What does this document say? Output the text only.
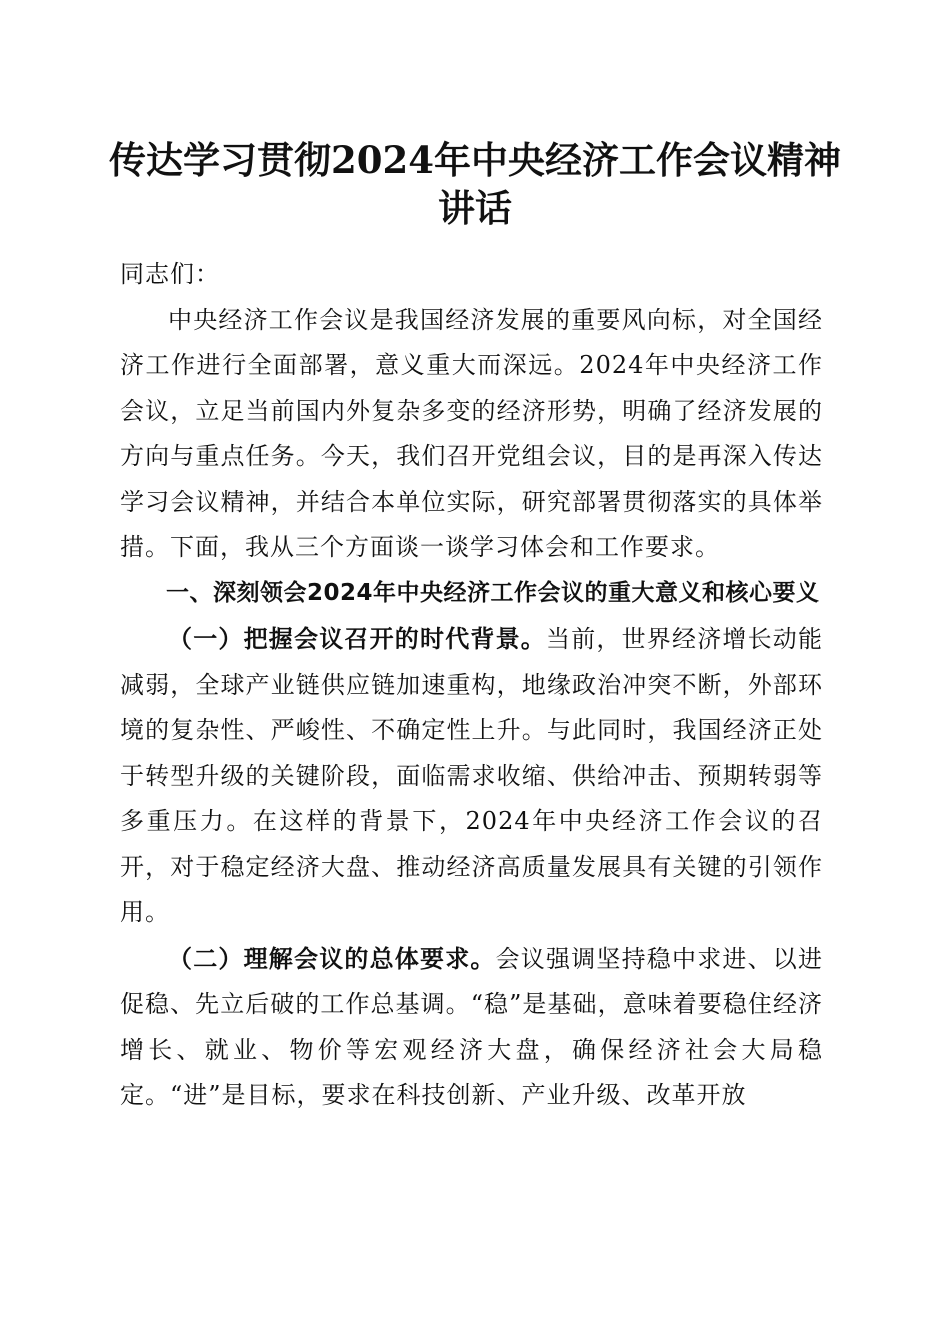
传达学习贯彻2024年中央经济工作会议精神讲话

同志们：

中央经济工作会议是我国经济发展的重要风向标，对全国经济工作进行全面部署，意义重大而深远。2024年中央经济工作会议，立足当前国内外复杂多变的经济形势，明确了经济发展的方向与重点任务。今天，我们召开党组会议，目的是再深入传达学习会议精神，并结合本单位实际，研究部署贯彻落实的具体举措。下面，我从三个方面谈一谈学习体会和工作要求。

一、深刻领会2024年中央经济工作会议的重大意义和核心要义

（一）把握会议召开的时代背景。当前，世界经济增长动能减弱，全球产业链供应链加速重构，地缘政治冲突不断，外部环境的复杂性、严峻性、不确定性上升。与此同时，我国经济正处于转型升级的关键阶段，面临需求收缩、供给冲击、预期转弱等多重压力。在这样的背景下，2024年中央经济工作会议的召开，对于稳定经济大盘、推动经济高质量发展具有关键的引领作用。

（二）理解会议的总体要求。会议强调坚持稳中求进、以进促稳、先立后破的工作总基调。“稳”是基础，意味着要稳住经济增长、就业、物价等宏观经济大盘，确保经济社会大局稳定。“进”是目标，要求在科技创新、产业升级、改革开放
